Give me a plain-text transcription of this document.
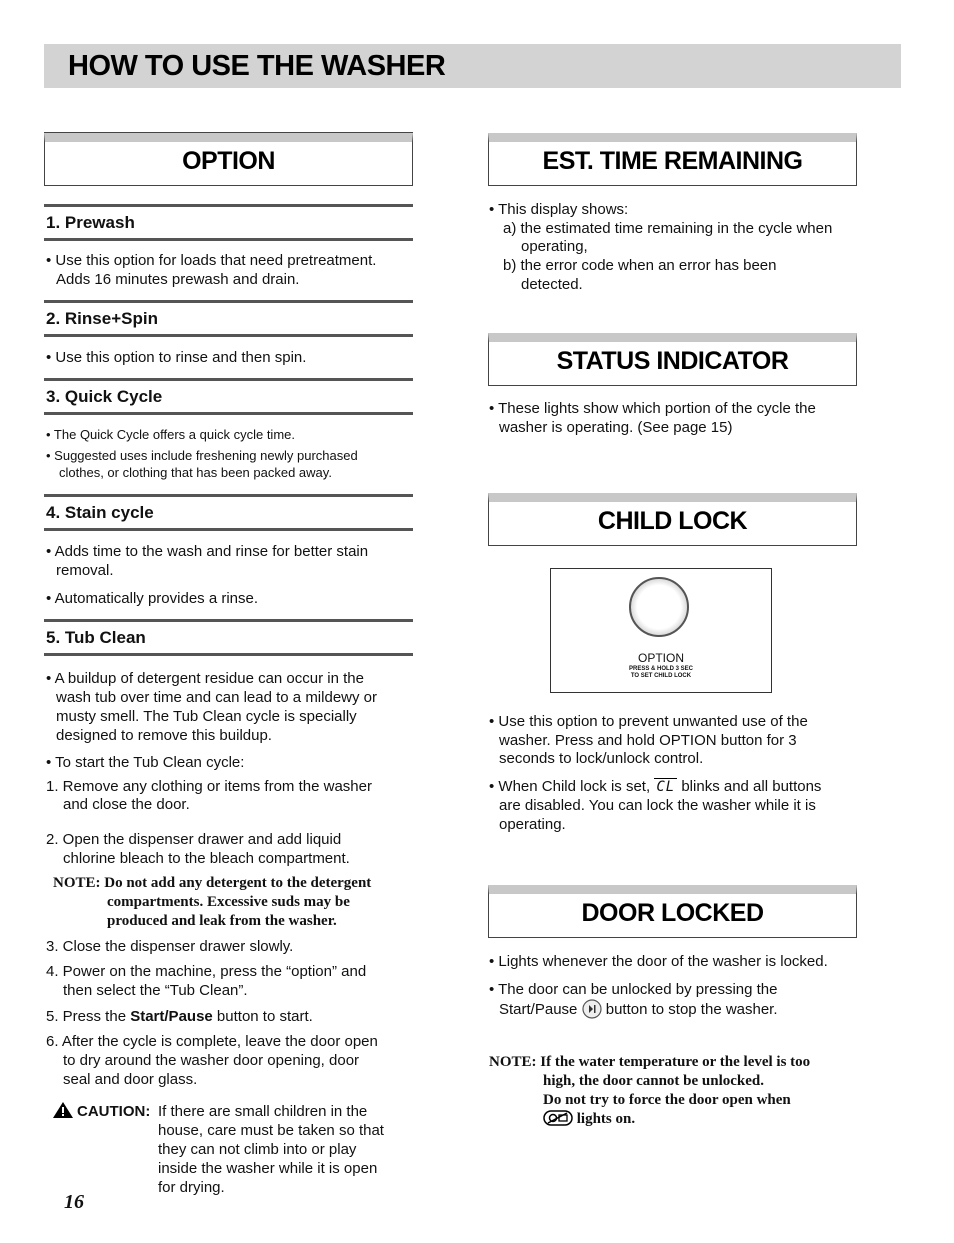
HOW TO USE THE WASHER
OPTION
1. Prewash
• Use this option for loads that need pretreatment.
Adds 16 minutes prewash and drain.
2. Rinse+Spin
• Use this option to rinse and then spin.
3. Quick Cycle
• The Quick Cycle offers a quick cycle time.
• Suggested uses include freshening newly purchased
clothes, or clothing that has been packed away.
4. Stain cycle
• Adds time to the wash and rinse for better stain
removal.
• Automatically provides a rinse.
5. Tub Clean
• A buildup of detergent residue can occur in the
wash tub over time and can lead to a mildewy or
musty smell. The Tub Clean cycle is specially
designed to remove this buildup.
• To start the Tub Clean cycle:
1. Remove any clothing or items from the washer
and close the door.
2. Open the dispenser drawer and add liquid
chlorine bleach to the bleach compartment.
NOTE: Do not add any detergent to the detergent
compartments. Excessive suds may be
produced and leak from the washer.
3. Close the dispenser drawer slowly.
4. Power on the machine, press the “option” and
then select the “Tub Clean”.
5. Press the Start/Pause button to start.
6. After the cycle is complete, leave the door open
to dry around the washer door opening, door
seal and door glass.
CAUTION: If there are small children in the
house, care must be taken so that
they can not climb into or play
inside the washer while it is open
for drying.
16
EST. TIME REMAINING
• This display shows:
a) the estimated time remaining in the cycle when
operating,
b) the error code when an error has been
detected.
STATUS INDICATOR
• These lights show which portion of the cycle the
washer is operating. (See page 15)
CHILD LOCK
OPTION
PRESS & HOLD 3 SEC
TO SET CHILD LOCK
• Use this option to prevent unwanted use of the
washer. Press and hold OPTION button for 3
seconds to lock/unlock control.
• When Child lock is set, CL blinks and all buttons
are disabled. You can lock the washer while it is
operating.
DOOR LOCKED
• Lights whenever the door of the washer is locked.
• The door can be unlocked by pressing the
Start/Pause button to stop the washer.
NOTE: If the water temperature or the level is too
high, the door cannot be unlocked.
Do not try to force the door open when
lights on.
